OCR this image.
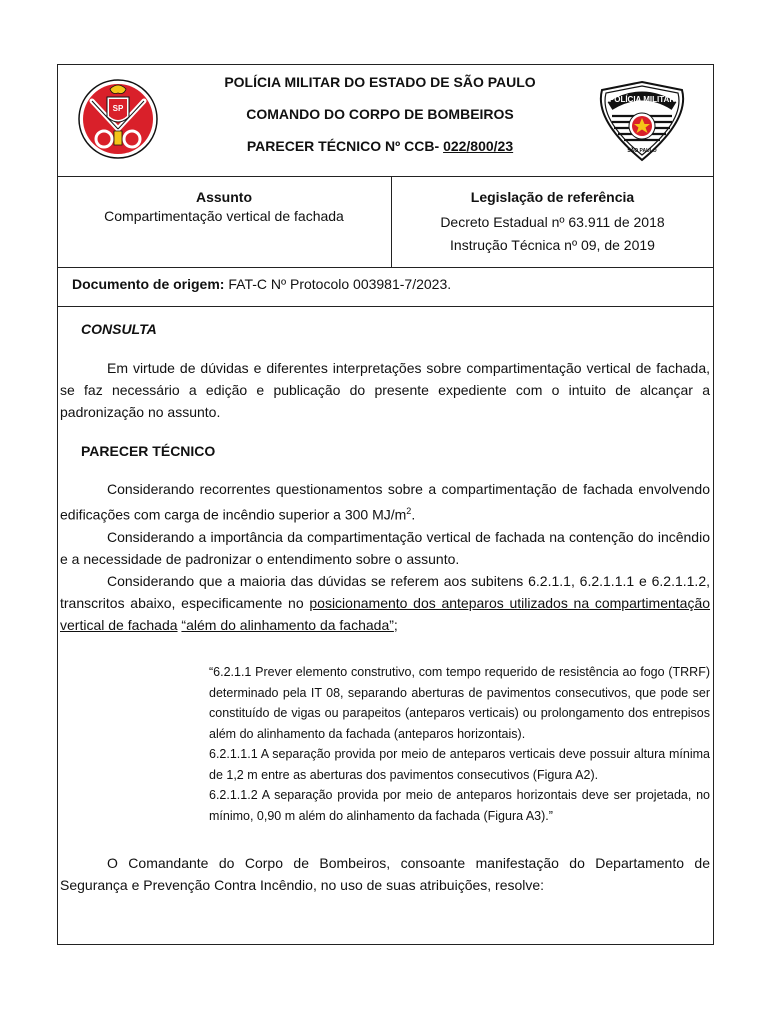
SP
POLÍCIA MILITAR
SÃO PAULO
POLÍCIA MILITAR DO ESTADO DE SÃO PAULO
COMANDO DO CORPO DE BOMBEIROS
PARECER TÉCNICO Nº CCB- 022/800/23
Assunto
Compartimentação vertical de fachada
Legislação de referência
Decreto Estadual nº 63.911 de 2018
Instrução Técnica nº 09, de 2019
Documento de origem: FAT-C Nº Protocolo 003981-7/2023.
CONSULTA

Em virtude de dúvidas e diferentes interpretações sobre compartimentação vertical de fachada, se faz necessário a edição e publicação do presente expediente com o intuito de alcançar a padronização no assunto.

PARECER TÉCNICO

Considerando recorrentes questionamentos sobre a compartimentação de fachada envolvendo edificações com carga de incêndio superior a 300 $MJ/m^2$.

Considerando a importância da compartimentação vertical de fachada na contenção do incêndio e a necessidade de padronizar o entendimento sobre o assunto.

Considerando que a maioria das dúvidas se referem aos subitens 6.2.1.1, 6.2.1.1.1 e 6.2.1.1.2, transcritos abaixo, especificamente no posicionamento dos anteparos utilizados na compartimentação vertical de fachada “além do alinhamento da fachada”;

“6.2.1.1 Prever elemento construtivo, com tempo requerido de resistência ao fogo (TRRF) determinado pela IT 08, separando aberturas de pavimentos consecutivos, que pode ser constituído de vigas ou parapeitos (anteparos verticais) ou prolongamento dos entrepisos além do alinhamento da fachada (anteparos horizontais).

6.2.1.1.1 A separação provida por meio de anteparos verticais deve possuir altura mínima de 1,2 m entre as aberturas dos pavimentos consecutivos (Figura A2).

6.2.1.1.2 A separação provida por meio de anteparos horizontais deve ser projetada, no mínimo, 0,90 m além do alinhamento da fachada (Figura A3).”

O Comandante do Corpo de Bombeiros, consoante manifestação do Departamento de Segurança e Prevenção Contra Incêndio, no uso de suas atribuições, resolve:
